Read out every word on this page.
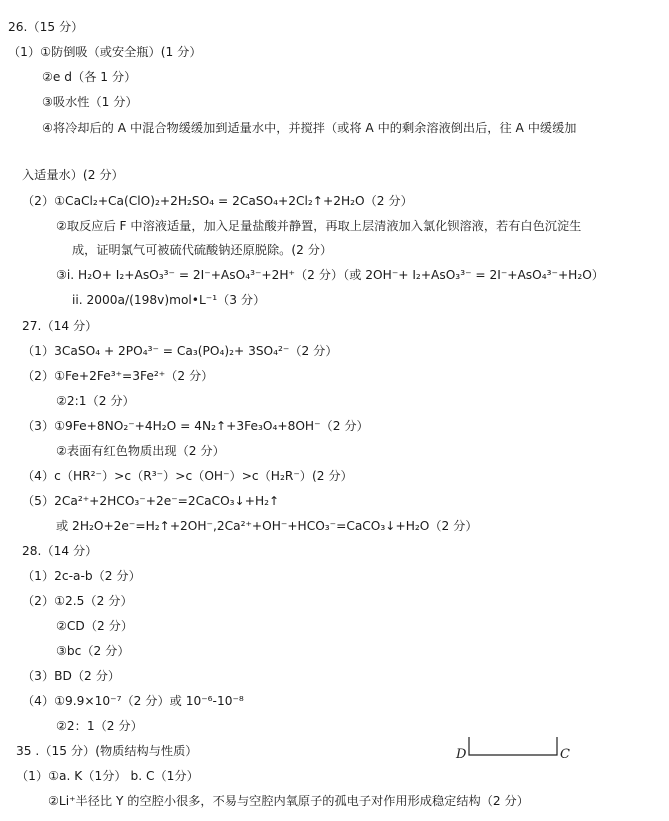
26.（15 分）
（1）①防倒吸（或安全瓶）(1 分）
②e d（各 1 分）
③吸水性（1 分）
④将冷却后的 A 中混合物缓缓加到适量水中，并搅拌（或将 A 中的剩余溶液倒出后，往 A 中缓缓加
入适量水）(2 分）
（2）①CaCl₂+Ca(ClO)₂+2H₂SO₄ = 2CaSO₄+2Cl₂↑+2H₂O（2 分）
②取反应后 F 中溶液适量，加入足量盐酸并静置，再取上层清液加入氯化钡溶液，若有白色沉淀生
成，证明氯气可被硫代硫酸钠还原脱除。(2 分）
③i. H₂O+ I₂+AsO₃³⁻ = 2I⁻+AsO₄³⁻+2H⁺（2 分）（或 2OH⁻+ I₂+AsO₃³⁻ = 2I⁻+AsO₄³⁻+H₂O）
ii. 2000a/(198v)mol•L⁻¹（3 分）
27.（14 分）
（1）3CaSO₄ + 2PO₄³⁻ = Ca₃(PO₄)₂+ 3SO₄²⁻（2 分）
（2）①Fe+2Fe³⁺=3Fe²⁺（2 分）
②2:1（2 分）
（3）①9Fe+8NO₂⁻+4H₂O = 4N₂↑+3Fe₃O₄+8OH⁻（2 分）
②表面有红色物质出现（2 分）
（4）c（HR²⁻）>c（R³⁻）>c（OH⁻）>c（H₂R⁻）(2 分）
（5）2Ca²⁺+2HCO₃⁻+2e⁻=2CaCO₃↓+H₂↑
或 2H₂O+2e⁻=H₂↑+2OH⁻,2Ca²⁺+OH⁻+HCO₃⁻=CaCO₃↓+H₂O（2 分）
28.（14 分）
（1）2c-a-b（2 分）
（2）①2.5（2 分）
②CD（2 分）
③bc（2 分）
（3）BD（2 分）
（4）①9.9×10⁻⁷（2 分）或 10⁻⁶-10⁻⁸
②2：1（2 分）
35 .（15 分）(物质结构与性质）
（1）①a. K（1分） b. C（1分）
②Li⁺半径比 Y 的空腔小很多，不易与空腔内氧原子的孤电子对作用形成稳定结构（2 分）
D	C
